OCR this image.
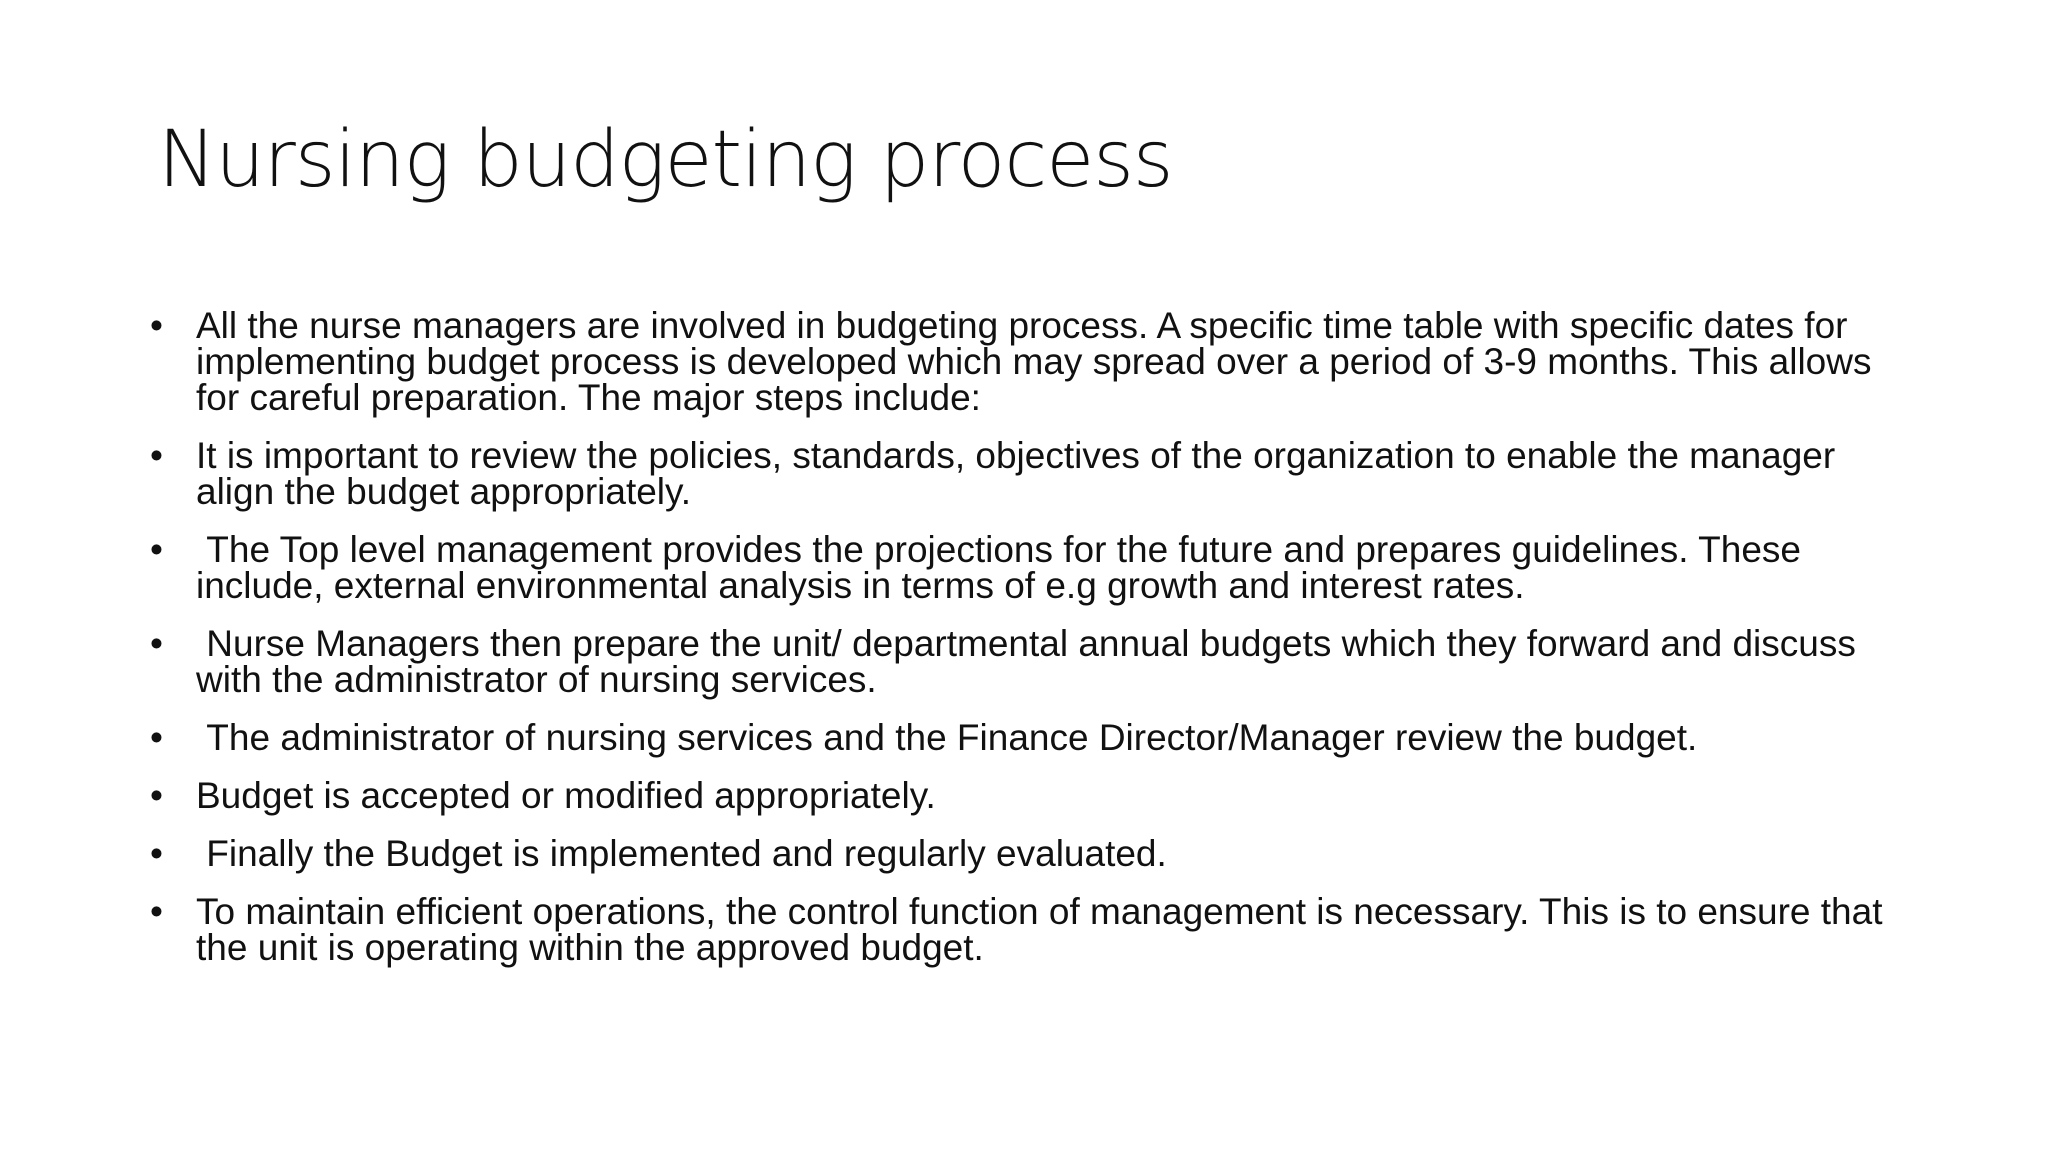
Nursing budgeting process
• All the nurse managers are involved in budgeting process. A specific time table with specific dates for implementing budget process is developed which may spread over a period of 3-9 months. This allows for careful preparation. The major steps include:
• It is important to review the policies, standards, objectives of the organization to enable the manager align the budget appropriately.
• The Top level management provides the projections for the future and prepares guidelines. These include, external environmental analysis in terms of e.g growth and interest rates.
• Nurse Managers then prepare the unit/ departmental annual budgets which they forward and discuss with the administrator of nursing services.
• The administrator of nursing services and the Finance Director/Manager review the budget.
• Budget is accepted or modified appropriately.
• Finally the Budget is implemented and regularly evaluated.
• To maintain efficient operations, the control function of management is necessary. This is to ensure that the unit is operating within the approved budget.
